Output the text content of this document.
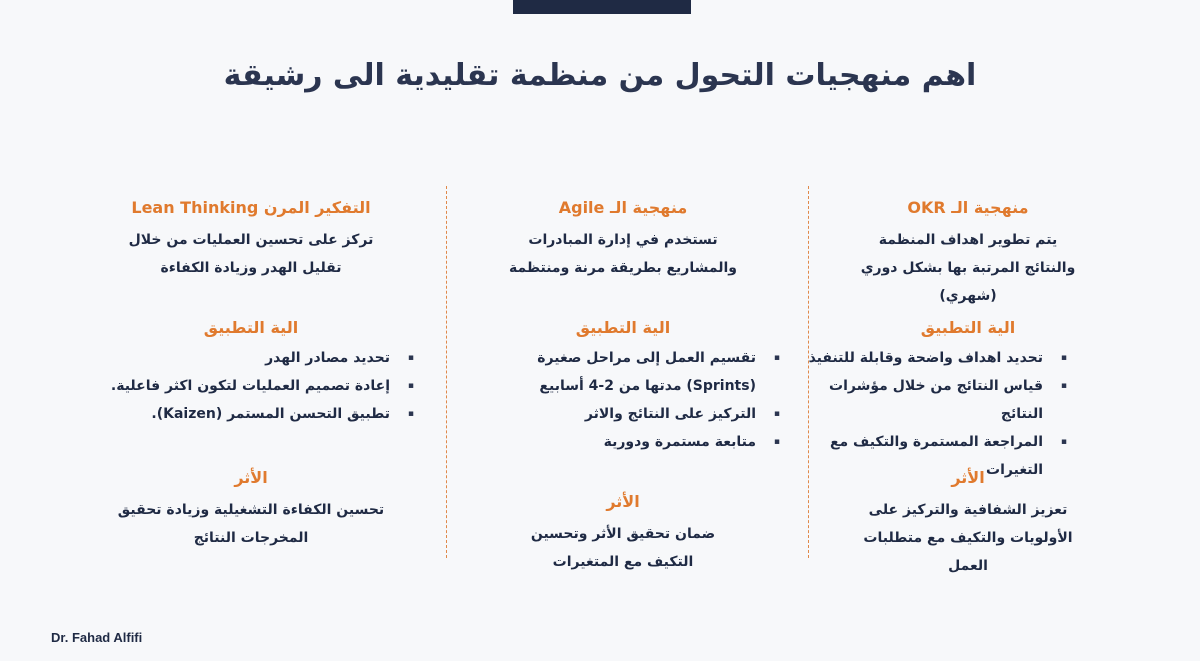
اهم منهجيات التحول من منظمة تقليدية الى رشيقة
منهجية الـ OKR
يتم تطوير اهداف المنظمة والنتائج المرتبة بها بشكل دوري (شهري)
الية التطبيق
▪ تحديد اهداف واضحة وقابلة للتنفيذ
▪ قياس النتائج من خلال مؤشرات النتائج
▪ المراجعة المستمرة والتكيف مع التغيرات
الأثر
تعزيز الشفافية والتركيز على الأولويات والتكيف مع متطلبات العمل
منهجية الـ Agile
تستخدم في إدارة المبادرات والمشاريع بطريقة مرنة ومنتظمة
الية التطبيق
▪ تقسيم العمل إلى مراحل صغيرة (Sprints) مدتها من 2-4 أسابيع
▪ التركيز على النتائج والاثر
▪ متابعة مستمرة ودورية
الأثر
ضمان تحقيق الأثر وتحسين التكيف مع المتغيرات
التفكير المرن Lean Thinking
تركز على تحسين العمليات من خلال تقليل الهدر وزيادة الكفاءة
الية التطبيق
▪ تحديد مصادر الهدر
▪ إعادة تصميم العمليات لتكون اكثر فاعلية.
▪ تطبيق التحسن المستمر (Kaizen).
الأثر
تحسين الكفاءة التشغيلية وزيادة تحقيق المخرجات النتائج
Dr. Fahad Alfifi
